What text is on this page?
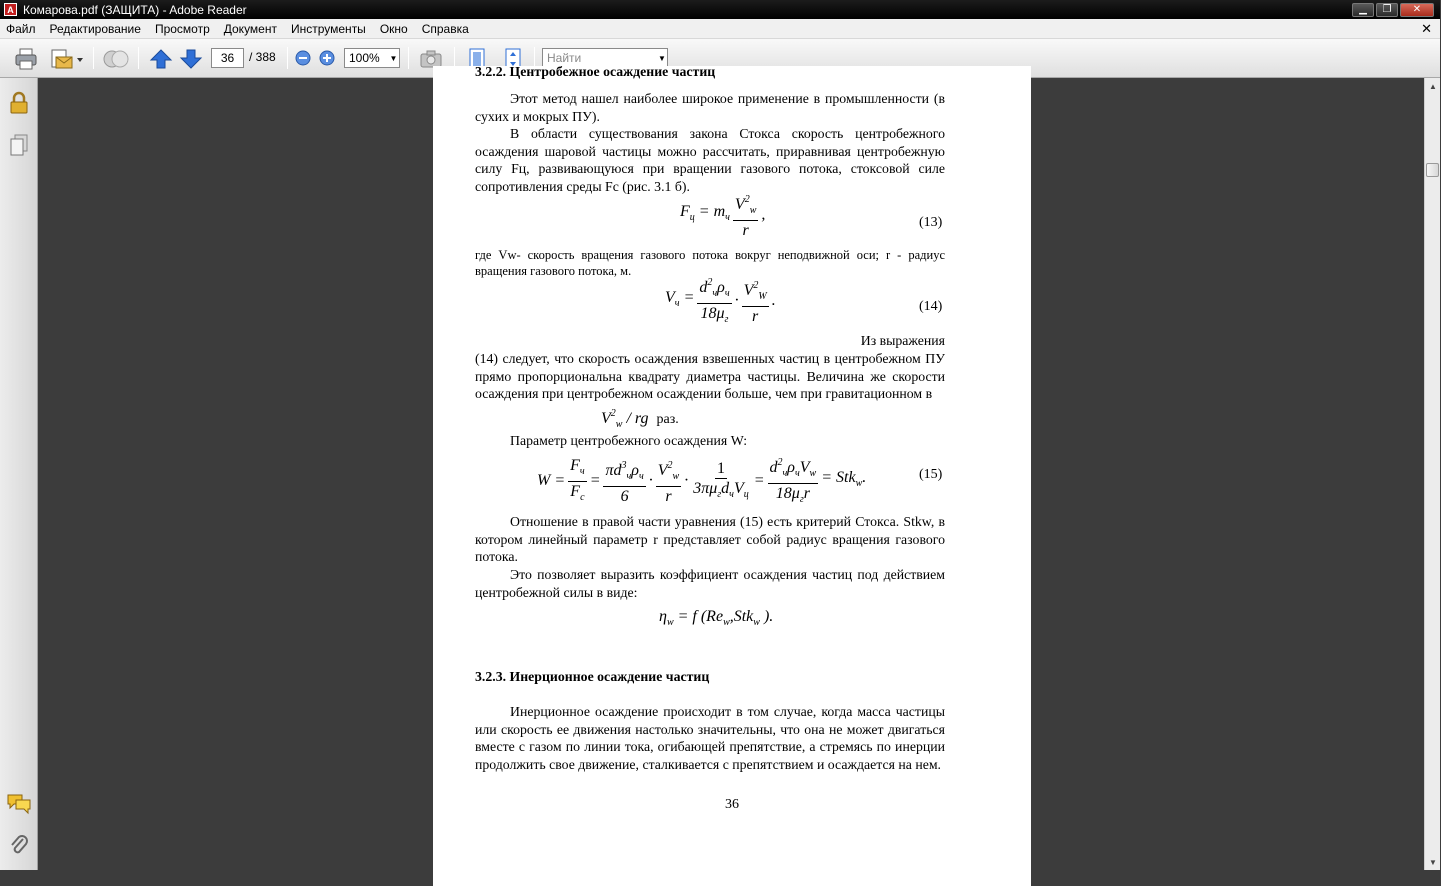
A Комарова.pdf (ЗАЩИТА) - Adobe Reader	▁	❐	✕
Файл	Редактирование	Просмотр	Документ	Инструменты	Окно	Справка	✕
36	/ 388	100%	▼	Найти	▼
3.2.2. Центробежное осаждение частиц
Этот метод нашел наиболее широкое применение в промышленности (в сухих и мокрых ПУ).
В области существования закона Стокса скорость центробежного осаждения шаровой частицы можно рассчитать, приравнивая центробежную силу Fц, развивающуюся при вращении газового потока, стоксовой силе сопротивления среды Fс (рис. 3.1 б).
$F_ц = m_ч \frac{V^2_w}{r}$ ,	(13)
где Vw- скорость вращения газового потока вокруг неподвижной оси; r - радиус вращения газового потока, м.
$V_ч = \frac{d^2_ч\rho_ч}{18\mu_г} \cdot \frac{V^2_W}{r}$ .	(14)
Из выражения
(14) следует, что скорость осаждения взвешенных частиц в центробежном ПУ прямо пропорциональна квадрату диаметра частицы. Величина же скорости осаждения при центробежном осаждении больше, чем при гравитационном в
$V^2_w$ / rg раз.
Параметр центробежного осаждения W:
$W = \frac{F_ч}{F_c} = \frac{\pi d^3_ч\rho_ч}{6} \cdot \frac{V^2_w}{r} \cdot \frac{1}{3\pi\mu_гd_чV_ц} = \frac{d^2_ч\rho_чV_w}{18\mu_гr} = Stk_w$.	(15)
Отношение в правой части уравнения (15) есть критерий Стокса. Stkw, в котором линейный параметр r представляет собой радиус вращения газового потока.
Это позволяет выразить коэффициент осаждения частиц под действием центробежной силы в виде:
$\eta_w = f$ ($Re_w,Stk_w$ ).
3.2.3. Инерционное осаждение частиц
Инерционное осаждение происходит в том случае, когда масса частицы или скорость ее движения настолько значительны, что она не может двигаться вместе с газом по линии тока, огибающей препятствие, а стремясь по инерции продолжить свое движение, сталкивается с препятствием и осаждается на нем.
36
▲
▼
